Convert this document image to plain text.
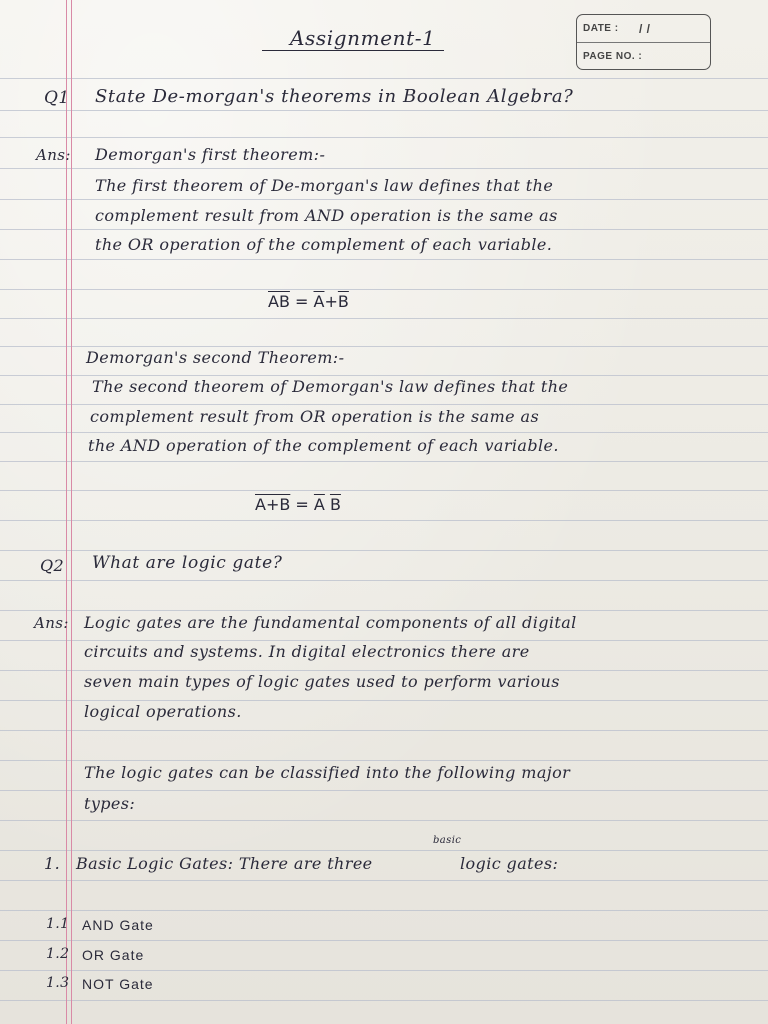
DATE : / /
PAGE NO. :
Assignment-1
Q1 State De-morgan's theorems in Boolean Algebra?
Ans: Demorgan's first theorem:-
The first theorem of De-morgan's law defines that the
complement result from AND operation is the same as
the OR operation of the complement of each variable.
$\overline{AB} = \overline{A}+\overline{B}$
Demorgan's second Theorem:-
The second theorem of Demorgan's law defines that the
complement result from OR operation is the same as
the AND operation of the complement of each variable.
$A+B = \overline{A}$ $\overline{B}$
Q2 What are logic gate?
Ans: Logic gates are the fundamental components of all digital
circuits and systems. In digital electronics there are
seven main types of logic gates used to perform various
logical operations.
The logic gates can be classified into the following major
types:
1. Basic Logic Gates: There are three
basic
logic gates:
1.1 AND Gate
1.2 OR Gate
1.3 NOT Gate
